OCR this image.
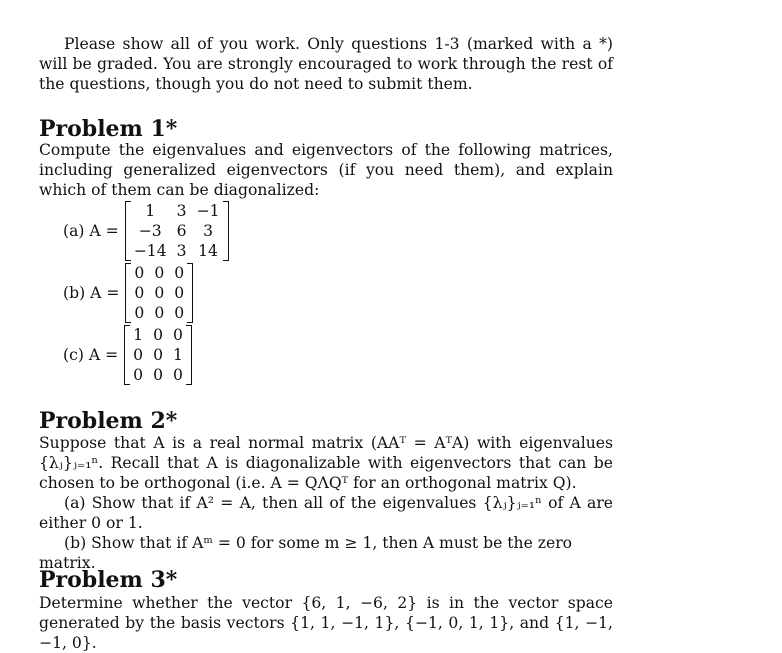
Please show all of you work. Only questions 1-3 (marked with a *) will be graded. You are strongly encouraged to work through the rest of the questions, though you do not need to submit them.
Problem 1*
Compute the eigenvalues and eigenvectors of the following matrices, including generalized eigenvectors (if you need them), and explain which of them can be diagonalized:
(a) A =
1	3	−1
−3	6	3
−14	3	14
(b) A =
0	0	0
0	0	0
0	0	0
(c) A =
1	0	0
0	0	1
0	0	0
Problem 2*
Suppose that A is a real normal matrix (AAᵀ = AᵀA) with eigenvalues {λⱼ}ⱼ₌₁ⁿ. Recall that A is diagonalizable with eigenvectors that can be chosen to be orthogonal (i.e. A = QΛQᵀ for an orthogonal matrix Q).
(a) Show that if A² = A, then all of the eigenvalues {λⱼ}ⱼ₌₁ⁿ of A are either 0 or 1.
(b) Show that if Aᵐ = 0 for some m ≥ 1, then A must be the zero matrix.
Problem 3*
Determine whether the vector {6, 1, −6, 2} is in the vector space generated by the basis vectors {1, 1, −1, 1}, {−1, 0, 1, 1}, and {1, −1, −1, 0}.
